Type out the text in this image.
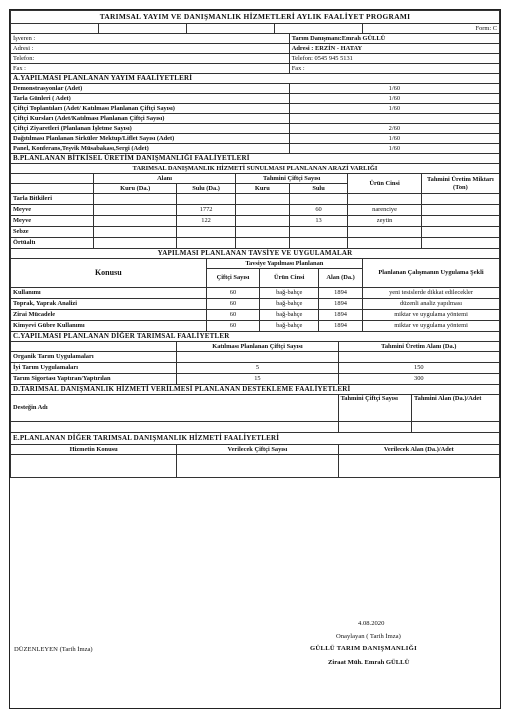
TARIMSAL YAYIM VE DANIŞMANLIK HİZMETLERİ AYLIK FAALİYET PROGRAMI
				Form: C
İşveren :	Tarım Danışmanı:Emrah GÜLLÜ
Adresi :	Adresi : ERZİN - HATAY
Telefon:	Telefon: 0545 945 5131
Fax :	Fax :
A.YAPILMASI PLANLANAN YAYIM FAALİYETLERİ	
Demonstrasyonlar (Adet)	1/60
Tarla Günleri ( Adet)	1/60
Çiftçi Toplantıları (Adet/ Katılması Planlanan Çiftçi Sayısı)	1/60
Çiftçi Kursları (Adet/Katılması Planlanan Çiftçi Sayısı)	
Çiftçi Ziyaretleri (Planlanan İşletme Sayısı)	2/60
Dağıtılması Planlanan Sirküler Mektup/Liflet Sayısı (Adet)	1/60
Panel, Konferans,Teşvik Müsabakası,Sergi (Adet)	1/60
B.PLANLANAN BİTKİSEL ÜRETİM DANIŞMANLIĞI FAALİYETLERİ						
TARIMSAL DANIŞMANLIK HİZMETİ SUNULMASI PLANLANAN ARAZİ VARLIĞI						
	Alanı		Tahmini Çiftçi Sayısı		Ürün Cinsi	Tahmini Üretim Miktarı (Ton)
	Kuru (Da.)	Sulu (Da.)	Kuru	Sulu		
Tarla Bitkileri						
Meyve		1772		60	narenciye	
Meyve		122		13	zeytin	
Sebze						
Örtüaltı						
YAPILMASI PLANLANAN TAVSİYE VE UYGULAMALAR				
Konusu	Tavsiye Yapılması Planlanan			Planlanan Çalışmanın Uygulama Şekli
	Çiftçi Sayısı	Ürün Cinsi	Alan (Da.)	
Kullanımı	60	bağ-bahçe	1894	yeni tesislerde dikkat edilecekler
Toprak, Yaprak Analizi	60	bağ-bahçe	1894	düzenli analiz yapılması
Zirai Mücadele	60	bağ-bahçe	1894	miktar ve uygulama yöntemi
Kimyevi Gübre Kullanımı	60	bağ-bahçe	1894	miktar ve uygulama yöntemi
C.YAPILMASI PLANLANAN DİĞER TARIMSAL FAALİYETLER		
	Katılması Planlanan Çiftçi Sayısı	Tahmini Üretim Alanı (Da.)
Organik Tarım Uygulamaları		
İyi Tarım Uygulamaları	5	150
Tarım Sigortası Yaptıran/Yaptırılan	15	300
D.TARIMSAL DANIŞMANLIK HİZMETİ VERİLMESİ PLANLANAN DESTEKLEME FAALİYETLERİ		
Desteğin Adı	Tahmini Çiftçi Sayısı	Tahmini Alan (Da.)/Adet

E.PLANLANAN DİĞER TARIMSAL DANIŞMANLIK HİZMETİ FAALİYETLERİ		
Hizmetin Konusu	Verilecek Çiftçi Sayısı	Verilecek Alan (Da.)/Adet

DÜZENLEYEN (Tarih İmza)
4.08.2020
Onaylayan ( Tarih İmza)
GÜLLÜ TARIM DANIŞMANLIĞI
Ziraat Müh. Emrah GÜLLÜ
